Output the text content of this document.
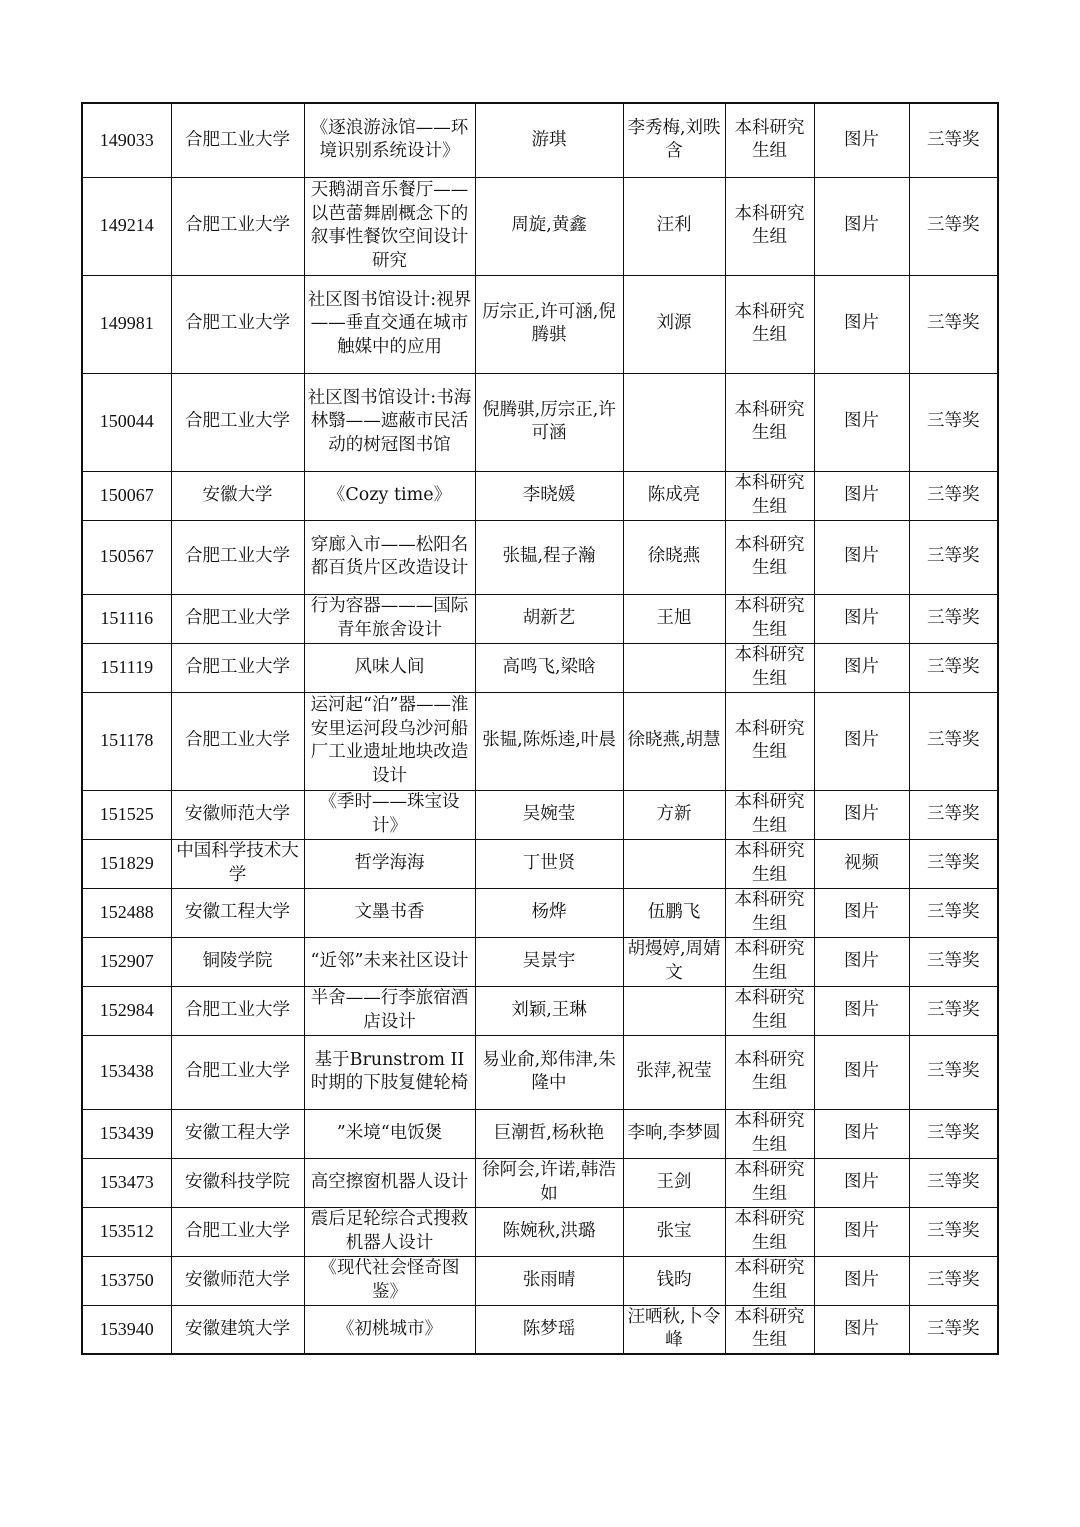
149033	合肥工业大学	《逐浪游泳馆——环境识别系统设计》	游琪	李秀梅,刘昳含	本科研究生组	图片	三等奖
149214	合肥工业大学	天鹅湖音乐餐厅——以芭蕾舞剧概念下的叙事性餐饮空间设计研究	周旋,黄鑫	汪利	本科研究生组	图片	三等奖
149981	合肥工业大学	社区图书馆设计:视界——垂直交通在城市触媒中的应用	厉宗正,许可涵,倪腾骐	刘源	本科研究生组	图片	三等奖
150044	合肥工业大学	社区图书馆设计:书海林翳——遮蔽市民活动的树冠图书馆	倪腾骐,厉宗正,许可涵		本科研究生组	图片	三等奖
150067	安徽大学	《Cozy time》	李晓媛	陈成亮	本科研究生组	图片	三等奖
150567	合肥工业大学	穿廊入市——松阳名都百货片区改造设计	张韫,程子瀚	徐晓燕	本科研究生组	图片	三等奖
151116	合肥工业大学	行为容器———国际青年旅舍设计	胡新艺	王旭	本科研究生组	图片	三等奖
151119	合肥工业大学	风味人间	高鸣飞,梁晗		本科研究生组	图片	三等奖
151178	合肥工业大学	运河起“泊”器——淮安里运河段乌沙河船厂工业遗址地块改造设计	张韫,陈烁逵,叶晨	徐晓燕,胡慧	本科研究生组	图片	三等奖
151525	安徽师范大学	《季时——珠宝设计》	吴婉莹	方新	本科研究生组	图片	三等奖
151829	中国科学技术大学	哲学海海	丁世贤		本科研究生组	视频	三等奖
152488	安徽工程大学	文墨书香	杨烨	伍鹏飞	本科研究生组	图片	三等奖
152907	铜陵学院	“近邻”未来社区设计	吴景宇	胡熳婷,周婧文	本科研究生组	图片	三等奖
152984	合肥工业大学	半舍——行李旅宿酒店设计	刘颖,王琳		本科研究生组	图片	三等奖
153438	合肥工业大学	基于Brunstrom II时期的下肢复健轮椅	易业俞,郑伟津,朱隆中	张萍,祝莹	本科研究生组	图片	三等奖
153439	安徽工程大学	”米境“电饭煲	巨潮哲,杨秋艳	李响,李梦圆	本科研究生组	图片	三等奖
153473	安徽科技学院	高空擦窗机器人设计	徐阿会,许诺,韩浩如	王剑	本科研究生组	图片	三等奖
153512	合肥工业大学	震后足轮综合式搜救机器人设计	陈婉秋,洪璐	张宝	本科研究生组	图片	三等奖
153750	安徽师范大学	《现代社会怪奇图鉴》	张雨晴	钱昀	本科研究生组	图片	三等奖
153940	安徽建筑大学	《初桃城市》	陈梦瑶	汪哂秋,卜令峰	本科研究生组	图片	三等奖
